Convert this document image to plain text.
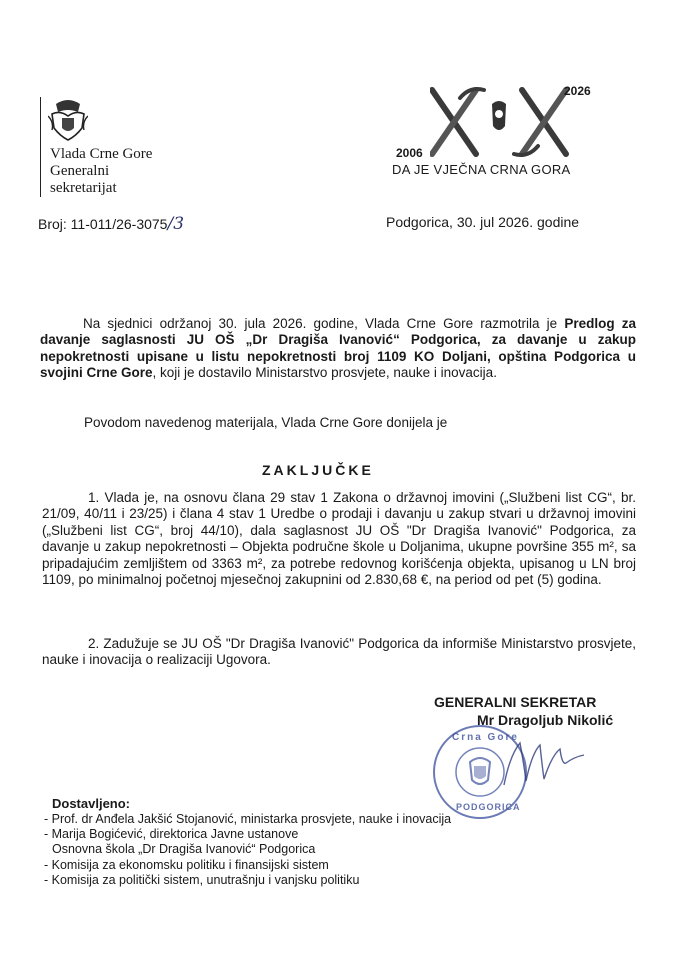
Vlada Crne Gore
Generalni
sekretarijat
2026
2006
DA JE VJEČNA CRNA GORA
Broj: 11-011/26-3075/3	Podgorica, 30. jul 2026. godine
Na sjednici održanoj 30. jula 2026. godine, Vlada Crne Gore razmotrila je Predlog za davanje saglasnosti JU OŠ „Dr Dragiša Ivanović“ Podgorica, za davanje u zakup nepokretnosti upisane u listu nepokretnosti broj 1109 KO Doljani, opština Podgorica u svojini Crne Gore, koji je dostavilo Ministarstvo prosvjete, nauke i inovacija.
Povodom navedenog materijala, Vlada Crne Gore donijela je
ZAKLJUČKE
1. Vlada je, na osnovu člana 29 stav 1 Zakona o državnoj imovini („Službeni list CG“, br. 21/09, 40/11 i 23/25) i člana 4 stav 1 Uredbe o prodaji i davanju u zakup stvari u državnoj imovini („Službeni list CG“, broj 44/10), dala saglasnost JU OŠ "Dr Dragiša Ivanović" Podgorica, za davanje u zakup nepokretnosti – Objekta područne škole u Doljanima, ukupne površine 355 m², sa pripadajućim zemljištem od 3363 m², za potrebe redovnog korišćenja objekta, upisanog u LN broj 1109, po minimalnoj početnoj mjesečnoj zakupnini od 2.830,68 €, na period od pet (5) godina.
2. Zadužuje se JU OŠ "Dr Dragiša Ivanović" Podgorica da informiše Ministarstvo prosvjete, nauke i inovacija o realizaciji Ugovora.
GENERALNI SEKRETAR
Mr Dragoljub Nikolić
Crna Gore
PODGORICA
Dostavljeno:
- Prof. dr Anđela Jakšić Stojanović, ministarka prosvjete, nauke i inovacija
- Marija Bogićević, direktorica Javne ustanove
Osnovna škola „Dr Dragiša Ivanović“ Podgorica
- Komisija za ekonomsku politiku i finansijski sistem
- Komisija za politički sistem, unutrašnju i vanjsku politiku
